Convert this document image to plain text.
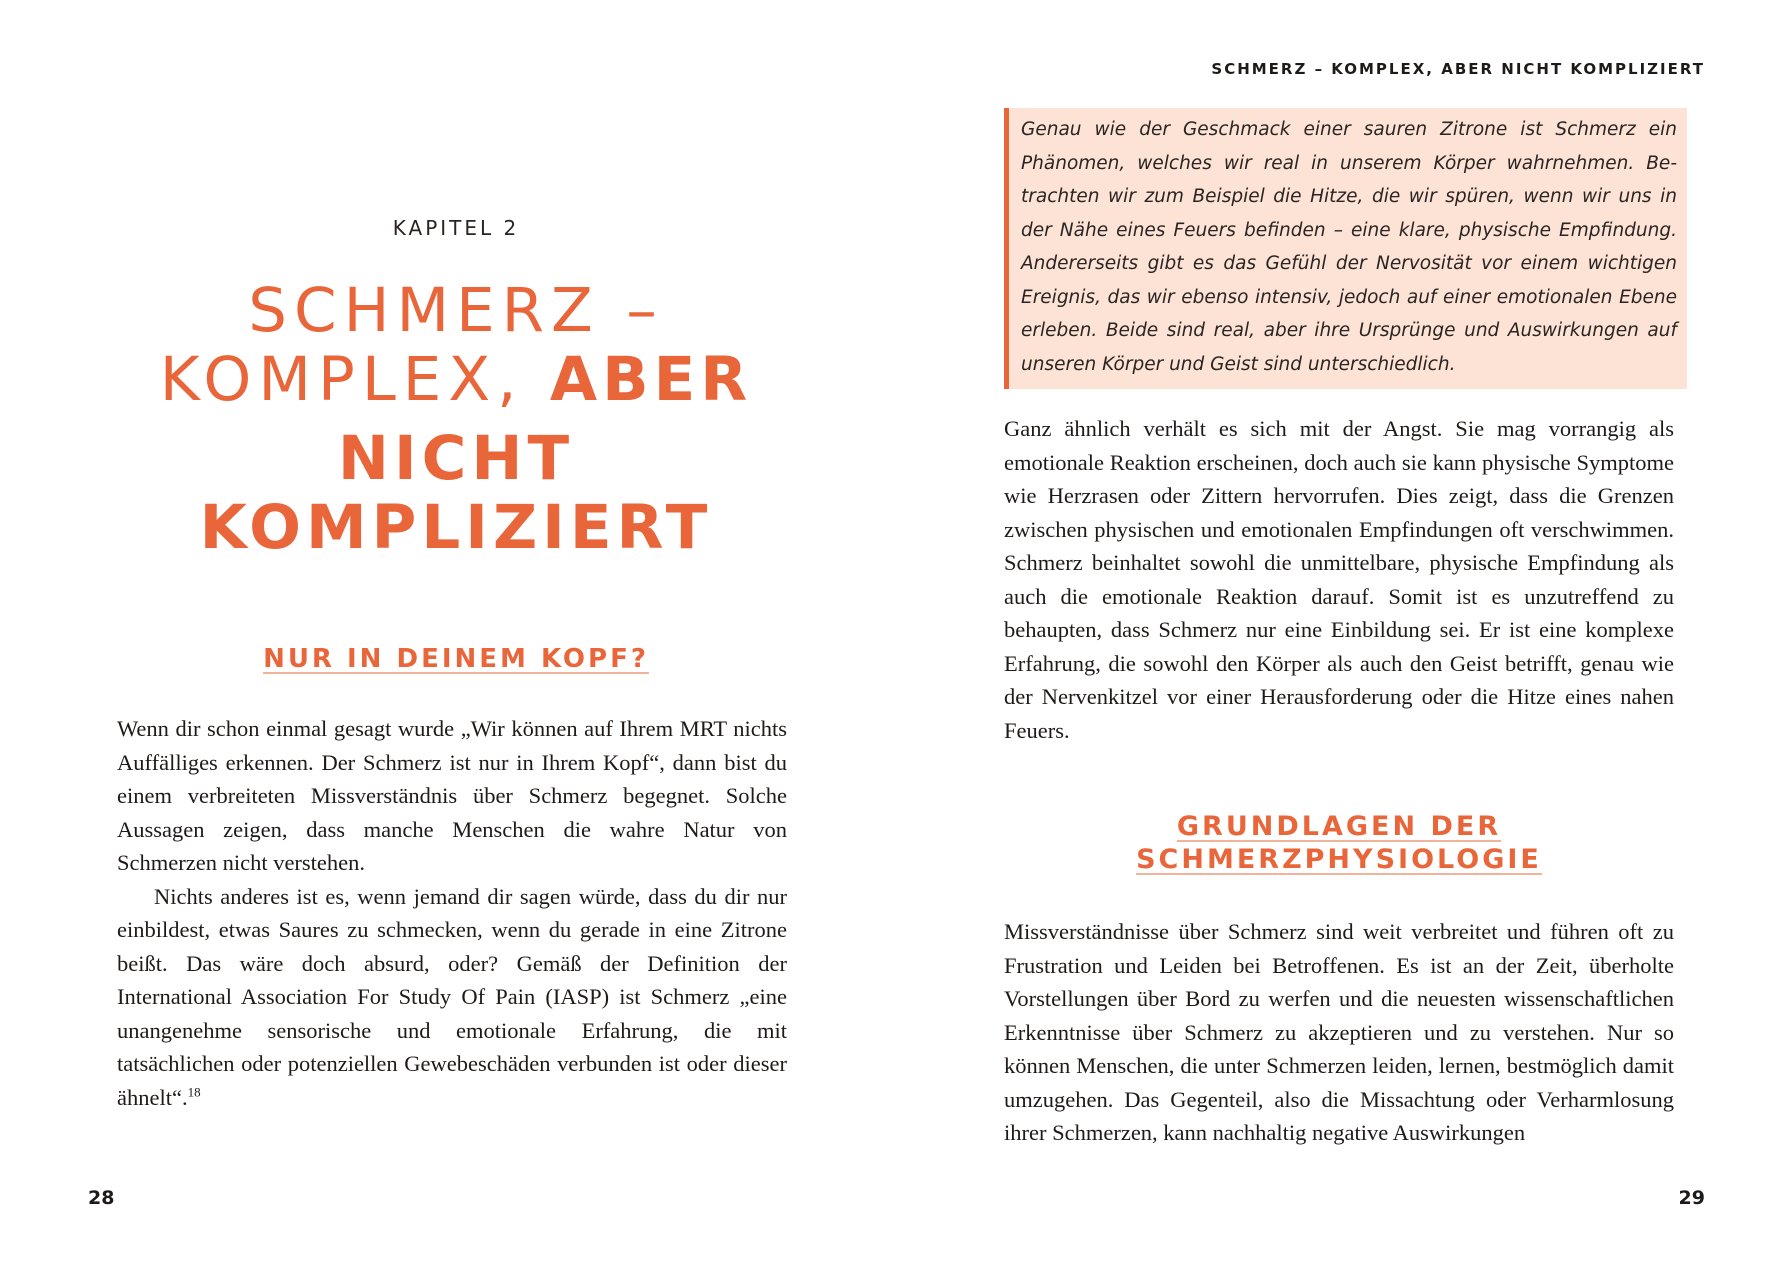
KAPITEL 2
SCHMERZ –
KOMPLEX, ABER
NICHT
KOMPLIZIERT
NUR IN DEINEM KOPF?

Wenn dir schon einmal gesagt wurde „Wir können auf Ihrem MRT nichts Auffälliges erkennen. Der Schmerz ist nur in Ihrem Kopf“, dann bist du einem verbreiteten Missverständnis über Schmerz begegnet. Solche Aussagen zeigen, dass manche Menschen die wahre Natur von Schmerzen nicht verstehen.

Nichts anderes ist es, wenn jemand dir sagen würde, dass du dir nur einbildest, etwas Saures zu schmecken, wenn du gerade in eine Zitrone beißt. Das wäre doch absurd, oder? Gemäß der Definition der International Association For Study Of Pain (IASP) ist Schmerz „eine unangenehme sensorische und emotionale Erfahrung, die mit tatsächlichen oder potenziellen Gewebeschäden verbunden ist oder dieser ähnelt“.$^{18}$

28
SCHMERZ – KOMPLEX, ABER NICHT KOMPLIZIERT
Genau wie der Geschmack einer sauren Zitrone ist Schmerz ein Phänomen, welches wir real in unserem Körper wahrnehmen. Betrachten wir zum Beispiel die Hitze, die wir spüren, wenn wir uns in der Nähe eines Feuers befinden – eine klare, physische Empfindung. Andererseits gibt es das Gefühl der Nervosität vor einem wichtigen Ereignis, das wir ebenso intensiv, jedoch auf einer emotionalen Ebene erleben. Beide sind real, aber ihre Ursprünge und Auswirkungen auf unseren Körper und Geist sind unterschiedlich.

Ganz ähnlich verhält es sich mit der Angst. Sie mag vorrangig als emotionale Reaktion erscheinen, doch auch sie kann physische Symptome wie Herzrasen oder Zittern hervorrufen. Dies zeigt, dass die Grenzen zwischen physischen und emotionalen Empfindungen oft verschwimmen. Schmerz beinhaltet sowohl die unmittelbare, physische Empfindung als auch die emotionale Reaktion darauf. Somit ist es unzutreffend zu behaupten, dass Schmerz nur eine Einbildung sei. Er ist eine komplexe Erfahrung, die sowohl den Körper als auch den Geist betrifft, genau wie der Nervenkitzel vor einer Herausforderung oder die Hitze eines nahen Feuers.

GRUNDLAGEN DER
SCHMERZPHYSIOLOGIE

Missverständnisse über Schmerz sind weit verbreitet und führen oft zu Frustration und Leiden bei Betroffenen. Es ist an der Zeit, überholte Vorstellungen über Bord zu werfen und die neuesten wissenschaftlichen Erkenntnisse über Schmerz zu akzeptieren und zu verstehen. Nur so können Menschen, die unter Schmerzen leiden, lernen, bestmöglich damit umzugehen. Das Gegenteil, also die Missachtung oder Verharmlosung ihrer Schmerzen, kann nachhaltig negative Auswirkungen

29
